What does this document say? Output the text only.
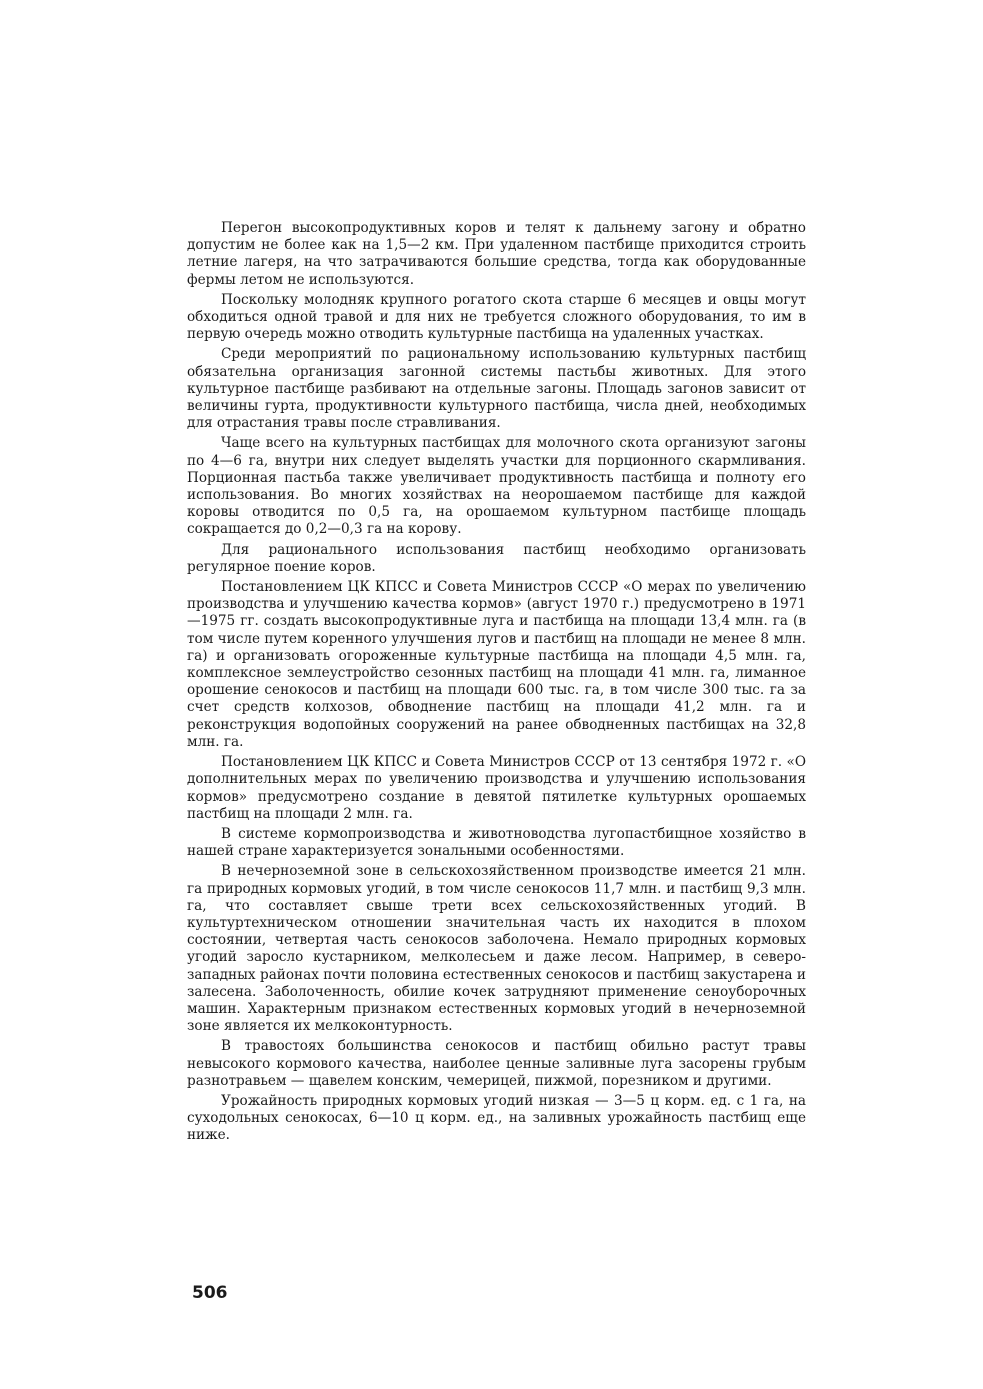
Перегон высокопродуктивных коров и телят к дальнему загону и обратно допустим не более как на 1,5—2 км. При удаленном пастбище приходится строить летние лагеря, на что затрачиваются большие средства, тогда как оборудованные фермы летом не используются.

Поскольку молодняк крупного рогатого скота старше 6 месяцев и овцы могут обходиться одной травой и для них не требуется сложного оборудования, то им в первую очередь можно отводить культурные пастбища на удаленных участках.

Среди мероприятий по рациональному использованию культурных пастбищ обязательна организация загонной системы пастьбы животных. Для этого культурное пастбище разбивают на отдельные загоны. Площадь загонов зависит от величины гурта, продуктивности культурного пастбища, числа дней, необходимых для отрастания травы после стравливания.

Чаще всего на культурных пастбищах для молочного скота организуют загоны по 4—6 га, внутри них следует выделять участки для порционного скармливания. Порционная пастьба также увеличивает продуктивность пастбища и полноту его использования. Во многих хозяйствах на неорошаемом пастбище для каждой коровы отводится по 0,5 га, на орошаемом культурном пастбище площадь сокращается до 0,2—0,3 га на корову.

Для рационального использования пастбищ необходимо организовать регулярное поение коров.

Постановлением ЦК КПСС и Совета Министров СССР «О мерах по увеличению производства и улучшению качества кормов» (август 1970 г.) предусмотрено в 1971—1975 гг. создать высокопродуктивные луга и пастбища на площади 13,4 млн. га (в том числе путем коренного улучшения лугов и пастбищ на площади не менее 8 млн. га) и организовать огороженные культурные пастбища на площади 4,5 млн. га, комплексное землеустройство сезонных пастбищ на площади 41 млн. га, лиманное орошение сенокосов и пастбищ на площади 600 тыс. га, в том числе 300 тыс. га за счет средств колхозов, обводнение пастбищ на площади 41,2 млн. га и реконструкция водопойных сооружений на ранее обводненных пастбищах на 32,8 млн. га.

Постановлением ЦК КПСС и Совета Министров СССР от 13 сентября 1972 г. «О дополнительных мерах по увеличению производства и улучшению использования кормов» предусмотрено создание в девятой пятилетке культурных орошаемых пастбищ на площади 2 млн. га.

В системе кормопроизводства и животноводства лугопастбищное хозяйство в нашей стране характеризуется зональными особенностями.

В нечерноземной зоне в сельскохозяйственном производстве имеется 21 млн. га природных кормовых угодий, в том числе сенокосов 11,7 млн. и пастбищ 9,3 млн. га, что составляет свыше трети всех сельскохозяйственных угодий. В культуртехническом отношении значительная часть их находится в плохом состоянии, четвертая часть сенокосов заболочена. Немало природных кормовых угодий заросло кустарником, мелколесьем и даже лесом. Например, в северо-западных районах почти половина естественных сенокосов и пастбищ закустарена и залесена. Заболоченность, обилие кочек затрудняют применение сеноуборочных машин. Характерным признаком естественных кормовых угодий в нечерноземной зоне является их мелкоконтурность.

В травостоях большинства сенокосов и пастбищ обильно растут травы невысокого кормового качества, наиболее ценные заливные луга засорены грубым разнотравьем — щавелем конским, чемерицей, пижмой, порезником и другими.

Урожайность природных кормовых угодий низкая — 3—5 ц корм. ед. с 1 га, на суходольных сенокосах, 6—10 ц корм. ед., на заливных урожайность пастбищ еще ниже.

506
